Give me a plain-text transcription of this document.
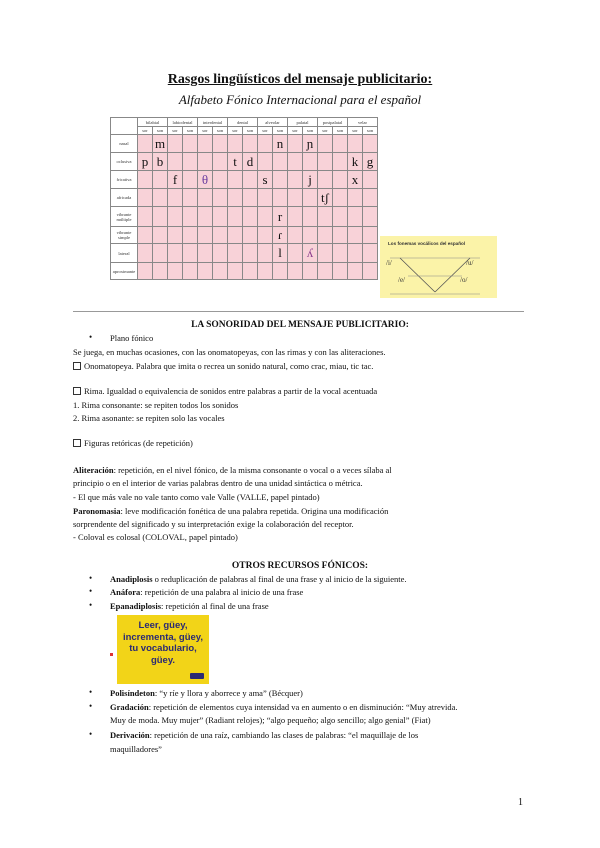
Rasgos lingüísticos del mensaje publicitario:
Alfabeto Fónico Internacional para el español
	bilabial		labiodental		interdental		dental		alveolar		palatal		postpalatal		velar	
	sor	son	sor	son	sor	son	sor	son	sor	son	sor	son	sor	son	sor	son
nasal		m								n		ɲ				
oclusiva	p	b					t	d							k	g
fricativa			f		θ				s			j			x	
africada													tʃ			
vibrante múltiple										r						
vibrante simple										ɾ						
lateral										l		ʎ				
aproximante																
Los fonemas vocálicos del español
/i/	/u/
/e/	/o/
LA SONORIDAD DEL MENSAJE PUBLICITARIO:
• Plano fónico
Se juega, en muchas ocasiones, con las onomatopeyas, con las rimas y con las aliteraciones.
Onomatopeya. Palabra que imita o recrea un sonido natural, como crac, miau, tic tac.
Rima. Igualdad o equivalencia de sonidos entre palabras a partir de la vocal acentuada
1. Rima consonante: se repiten todos los sonidos
2. Rima asonante: se repiten solo las vocales
Figuras retóricas (de repetición)
Aliteración: repetición, en el nivel fónico, de la misma consonante o vocal o a veces sílaba al
principio o en el interior de varias palabras dentro de una unidad sintáctica o métrica.
- El que más vale no vale tanto como vale Valle (VALLE, papel pintado)
Paronomasia: leve modificación fonética de una palabra repetida. Origina una modificación
sorprendente del significado y su interpretación exige la colaboración del receptor.
- Coloval es colosal (COLOVAL, papel pintado)
OTROS RECURSOS FÓNICOS:
• Anadiplosis o reduplicación de palabras al final de una frase y al inicio de la siguiente.
• Anáfora: repetición de una palabra al inicio de una frase
• Epanadiplosis: repetición al final de una frase
Leer, güey,
incrementa, güey,
tu vocabulario, güey.
• Polisíndeton: “y ríe y llora y aborrece y ama” (Bécquer)
• Gradación: repetición de elementos cuya intensidad va en aumento o en disminución: “Muy atrevida.
Muy de moda. Muy mujer” (Radiant relojes); “algo pequeño; algo sencillo; algo genial” (Fiat)
• Derivación: repetición de una raíz, cambiando las clases de palabras: “el maquillaje de los
maquilladores”
1
